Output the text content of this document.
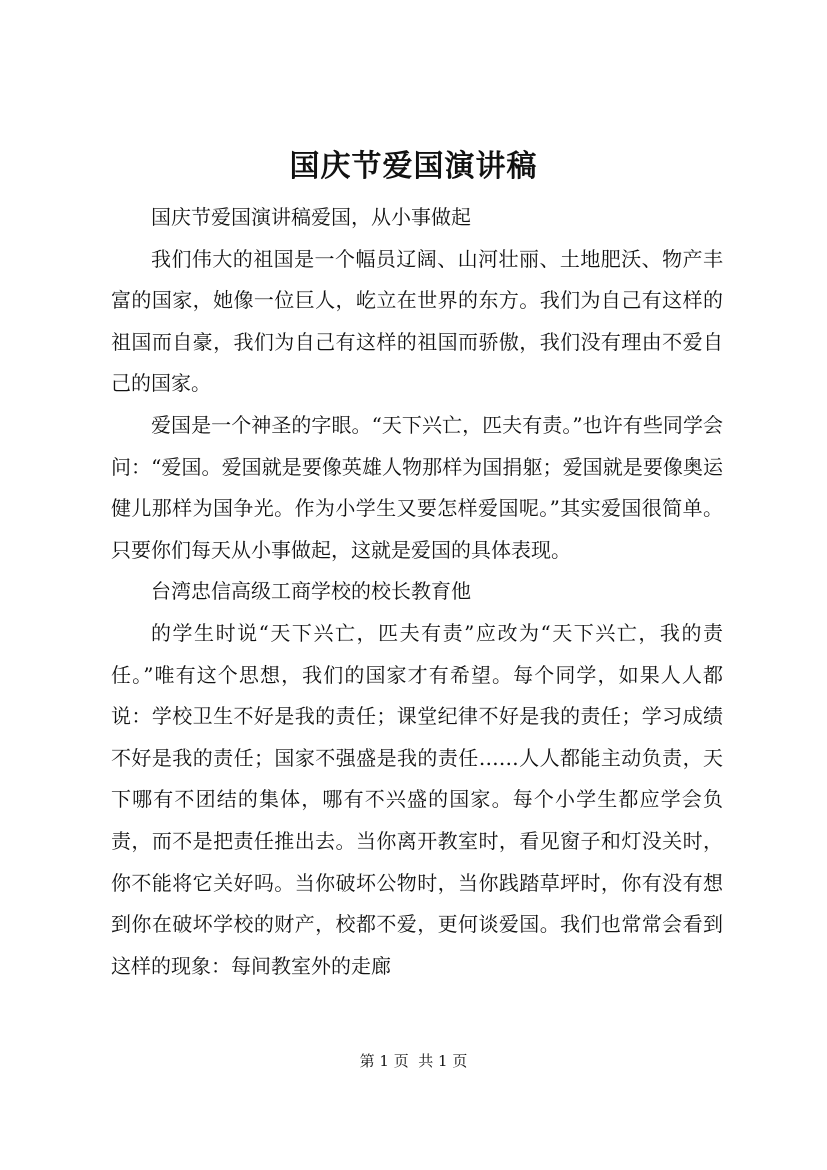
国庆节爱国演讲稿

国庆节爱国演讲稿爱国，从小事做起

我们伟大的祖国是一个幅员辽阔、山河壮丽、土地肥沃、物产丰富的国家，她像一位巨人，屹立在世界的东方。我们为自己有这样的祖国而自豪，我们为自己有这样的祖国而骄傲，我们没有理由不爱自己的国家。

爱国是一个神圣的字眼。“天下兴亡，匹夫有责。”也许有些同学会问：“爱国。爱国就是要像英雄人物那样为国捐躯；爱国就是要像奥运健儿那样为国争光。作为小学生又要怎样爱国呢。”其实爱国很简单。只要你们每天从小事做起，这就是爱国的具体表现。

台湾忠信高级工商学校的校长教育他

的学生时说“天下兴亡，匹夫有责”应改为“天下兴亡，我的责任。”唯有这个思想，我们的国家才有希望。每个同学，如果人人都说：学校卫生不好是我的责任；课堂纪律不好是我的责任；学习成绩不好是我的责任；国家不强盛是我的责任……人人都能主动负责，天下哪有不团结的集体，哪有不兴盛的国家。每个小学生都应学会负责，而不是把责任推出去。当你离开教室时，看见窗子和灯没关时，你不能将它关好吗。当你破坏公物时，当你践踏草坪时，你有没有想到你在破坏学校的财产，校都不爱，更何谈爱国。我们也常常会看到这样的现象：每间教室外的走廊

第 1 页  共 1 页
